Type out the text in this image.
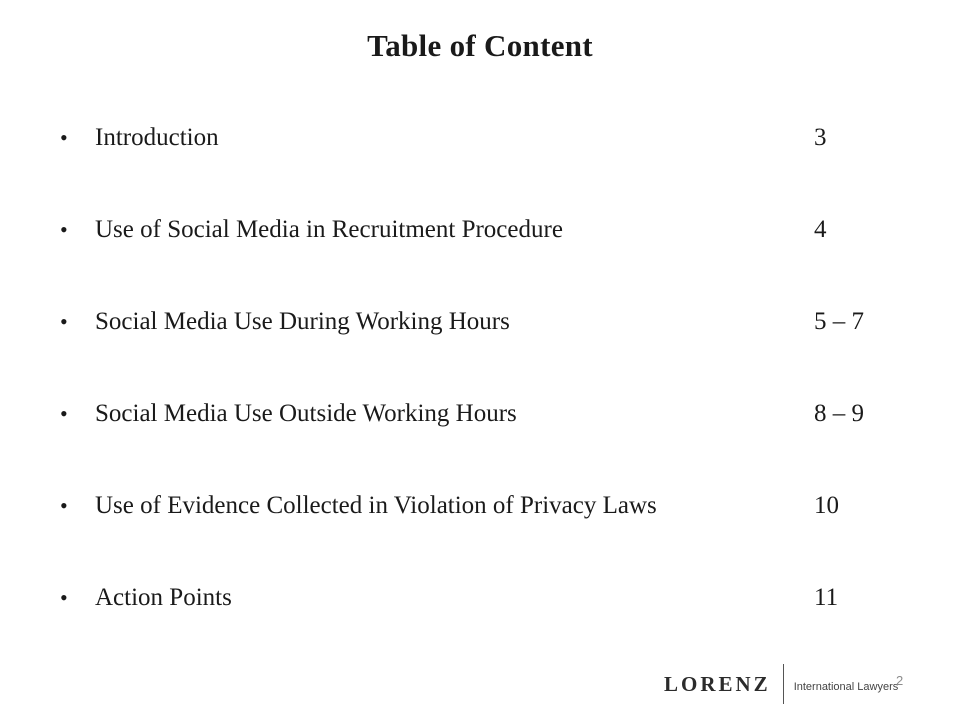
Table of Content
• Introduction	3
• Use of Social Media in Recruitment Procedure	4
• Social Media Use During Working Hours	5 – 7
• Social Media Use Outside Working Hours	8 – 9
• Use of Evidence Collected in Violation of Privacy Laws	10
• Action Points	11
LORENZ International Lawyers
2
